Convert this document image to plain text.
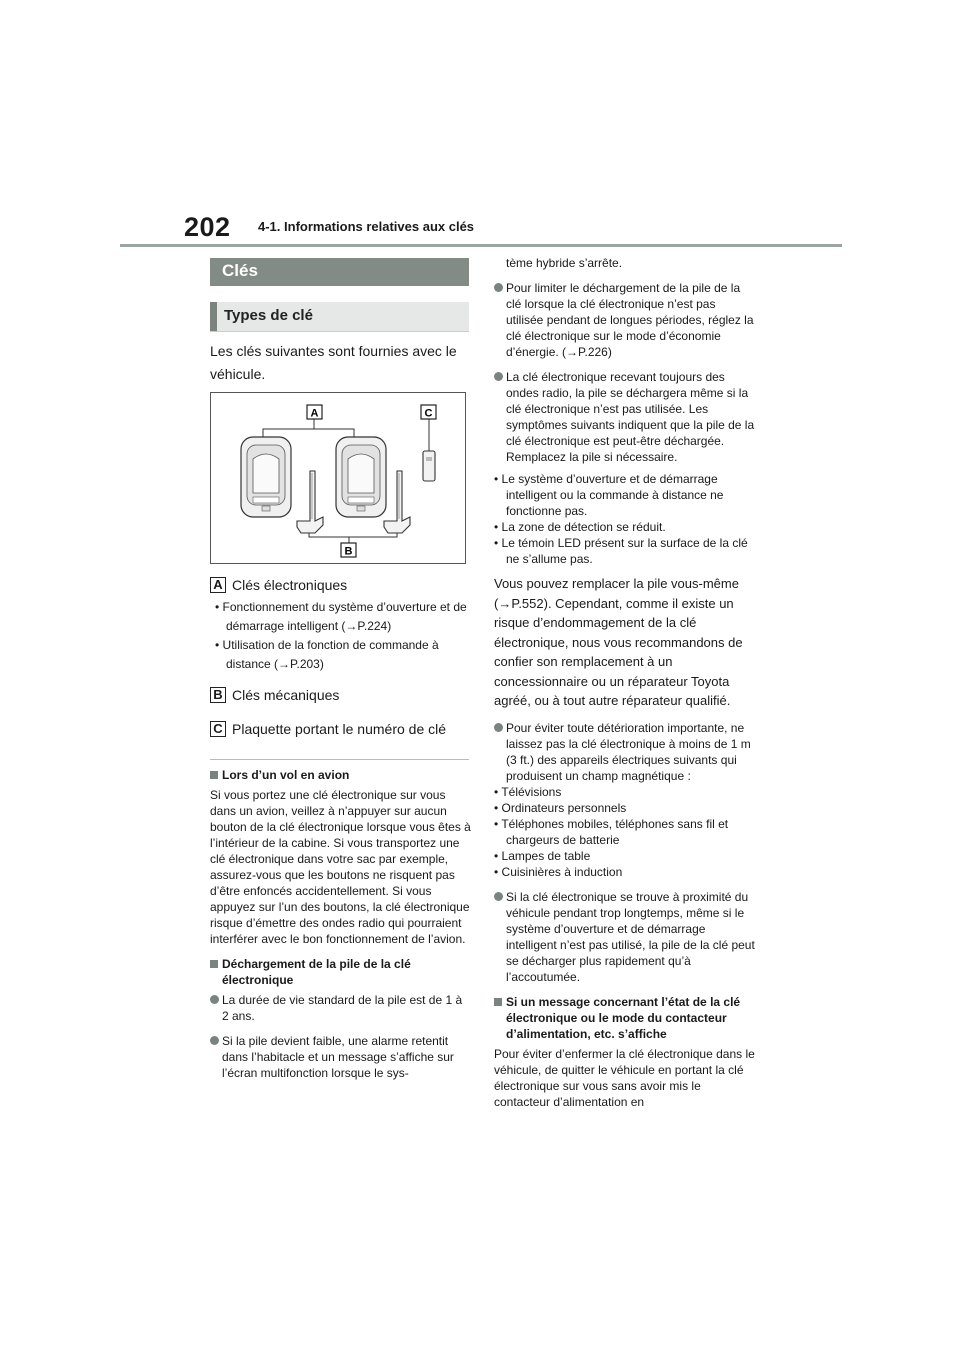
202 4-1. Informations relatives aux clés
Clés
Types de clé
Les clés suivantes sont fournies avec le véhicule.
A	C
B
A Clés électroniques
• Fonctionnement du système d’ouverture et de démarrage intelligent (→P.224)
• Utilisation de la fonction de commande à distance (→P.203)
B Clés mécaniques
C Plaquette portant le numéro de clé

Lors d’un vol en avion

Si vous portez une clé électronique sur vous dans un avion, veillez à n’appuyer sur aucun bouton de la clé électronique lorsque vous êtes à l’intérieur de la cabine. Si vous transportez une clé électronique dans votre sac par exemple, assurez-vous que les boutons ne risquent pas d’être enfoncés accidentellement. Si vous appuyez sur l’un des boutons, la clé électronique risque d’émettre des ondes radio qui pourraient interférer avec le bon fonctionnement de l’avion.

Déchargement de la pile de la clé électronique

La durée de vie standard de la pile est de 1 à 2 ans.

Si la pile devient faible, une alarme retentit dans l’habitacle et un message s’affiche sur l’écran multifonction lorsque le sys-

tème hybride s’arrête.

Pour limiter le déchargement de la pile de la clé lorsque la clé électronique n’est pas utilisée pendant de longues périodes, réglez la clé électronique sur le mode d’économie d’énergie. (→P.226)

La clé électronique recevant toujours des ondes radio, la pile se déchargera même si la clé électronique n’est pas utilisée. Les symptômes suivants indiquent que la pile de la clé électronique est peut-être déchargée. Remplacez la pile si nécessaire.
• Le système d’ouverture et de démarrage intelligent ou la commande à distance ne fonctionne pas.
• La zone de détection se réduit.
• Le témoin LED présent sur la surface de la clé ne s’allume pas.

Vous pouvez remplacer la pile vous-même (→P.552). Cependant, comme il existe un risque d’endommagement de la clé électronique, nous vous recommandons de confier son remplacement à un concessionnaire ou un réparateur Toyota agréé, ou à tout autre réparateur qualifié.

Pour éviter toute détérioration importante, ne laissez pas la clé électronique à moins de 1 m (3 ft.) des appareils électriques suivants qui produisent un champ magnétique :
• Télévisions
• Ordinateurs personnels
• Téléphones mobiles, téléphones sans fil et chargeurs de batterie
• Lampes de table
• Cuisinières à induction

Si la clé électronique se trouve à proximité du véhicule pendant trop longtemps, même si le système d’ouverture et de démarrage intelligent n’est pas utilisé, la pile de la clé peut se décharger plus rapidement qu’à l’accoutumée.

Si un message concernant l’état de la clé électronique ou le mode du contacteur d’alimentation, etc. s’affiche

Pour éviter d’enfermer la clé électronique dans le véhicule, de quitter le véhicule en portant la clé électronique sur vous sans avoir mis le contacteur d’alimentation en
